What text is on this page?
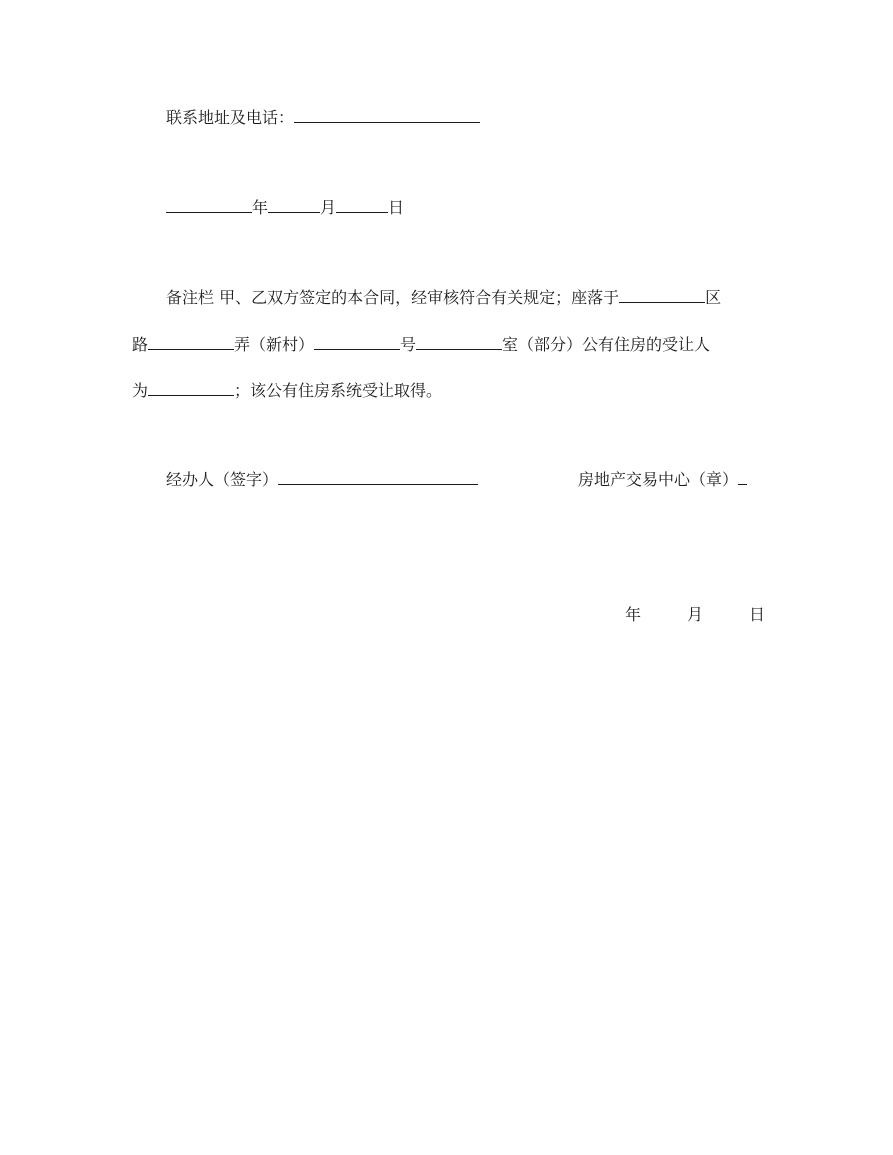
联系地址及电话：
年	月	日
备注栏 甲、乙双方签定的本合同，经审核符合有关规定；座落于	区
路	弄（新村）	号	室（部分）公有住房的受让人
为	；该公有住房系统受让取得。
经办人（签字）	房地产交易中心（章）
年	月	日
